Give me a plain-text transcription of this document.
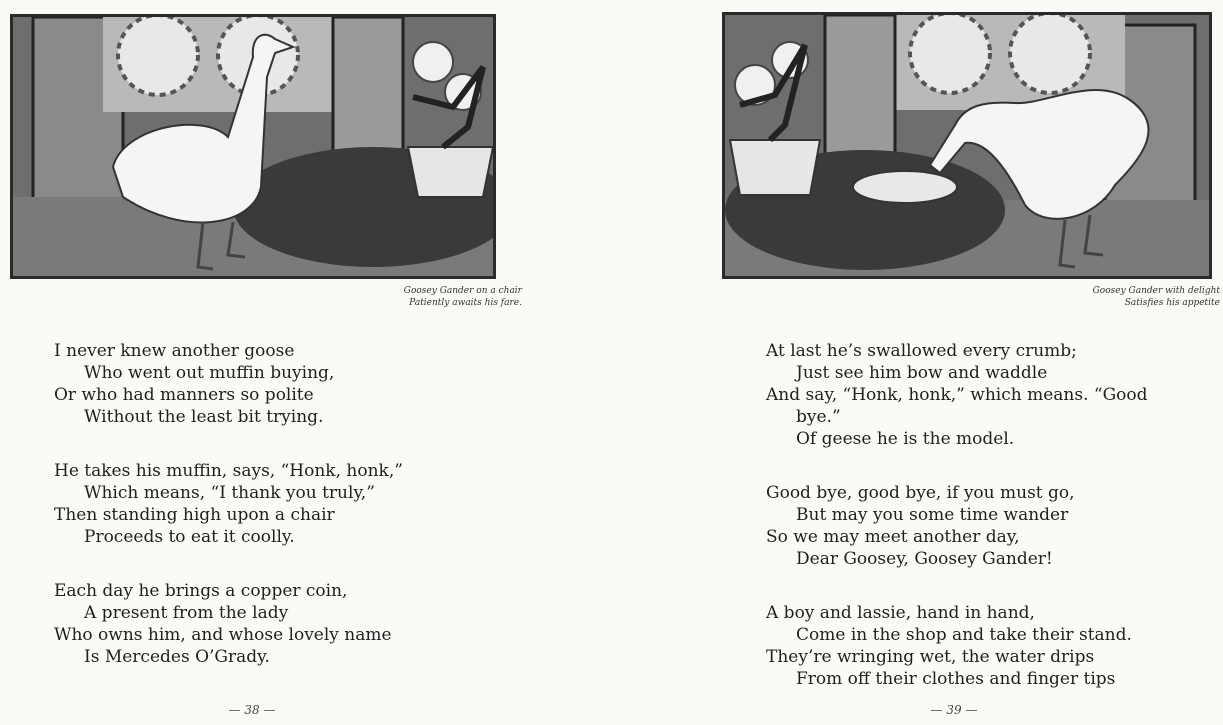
Goosey Gander on a chair
Patiently awaits his fare.
I never knew another goose
Who went out muffin buying,
Or who had manners so polite
Without the least bit trying.
He takes his muffin, says, “Honk, honk,”
Which means, “I thank you truly,”
Then standing high upon a chair
Proceeds to eat it coolly.
Each day he brings a copper coin,
A present from the lady
Who owns him, and whose lovely name
Is Mercedes O’Grady.
— 38 —
Goosey Gander with delight
Satisfies his appetite
At last he’s swallowed every crumb;
Just see him bow and waddle
And say, “Honk, honk,” which means. “Good
bye.”
Of geese he is the model.
Good bye, good bye, if you must go,
But may you some time wander
So we may meet another day,
Dear Goosey, Goosey Gander!
A boy and lassie, hand in hand,
Come in the shop and take their stand.
They’re wringing wet, the water drips
From off their clothes and finger tips
— 39 —
